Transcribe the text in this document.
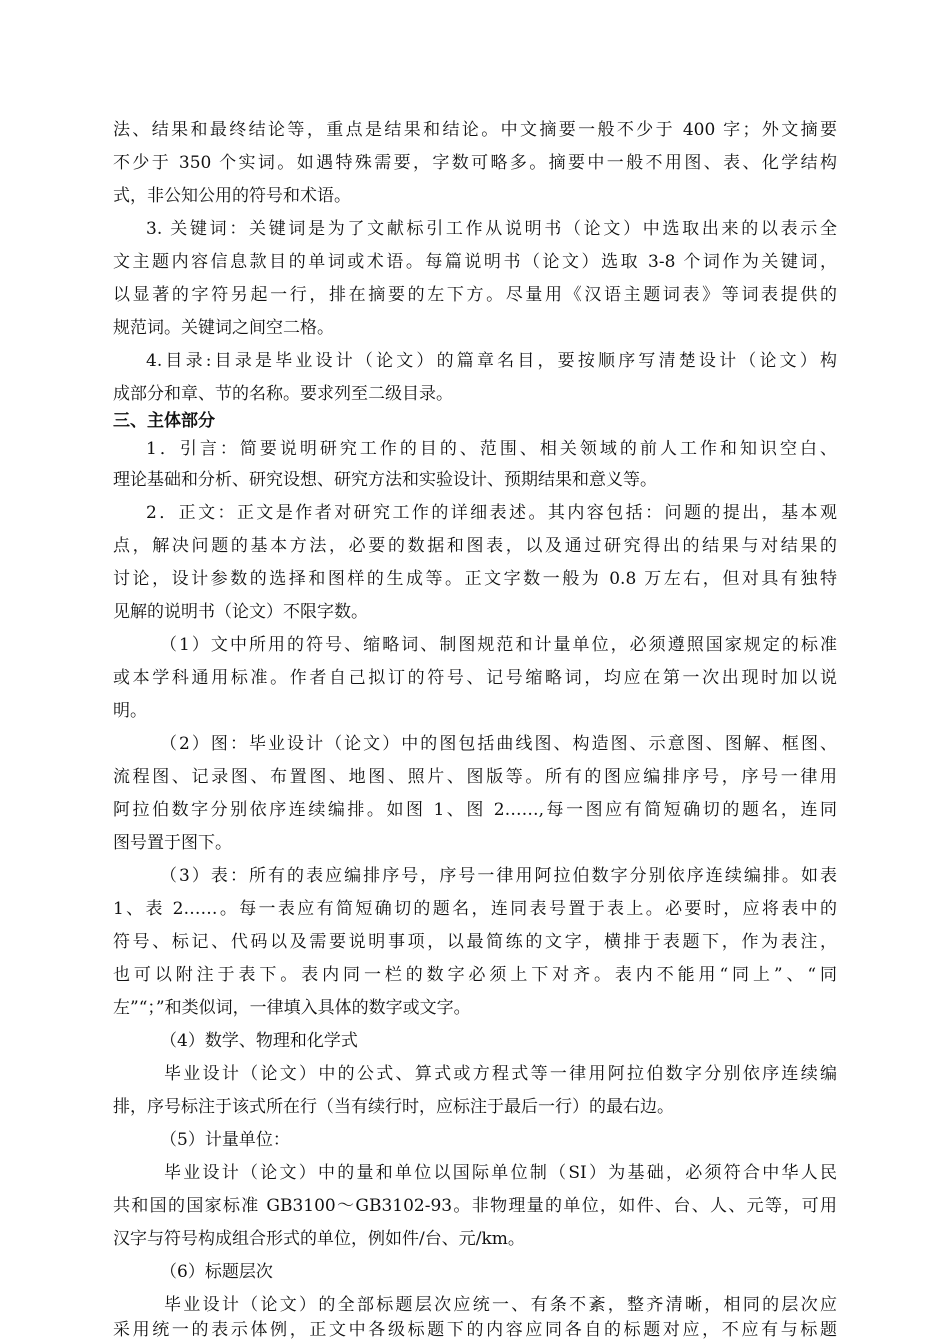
法、结果和最终结论等，重点是结果和结论。中文摘要一般不少于 400 字；外文摘要
不少于 350 个实词。如遇特殊需要，字数可略多。摘要中一般不用图、表、化学结构
式，非公知公用的符号和术语。
3. 关键词：关键词是为了文献标引工作从说明书（论文）中选取出来的以表示全
文主题内容信息款目的单词或术语。每篇说明书（论文）选取 3-8 个词作为关键词，
以显著的字符另起一行，排在摘要的左下方。尽量用《汉语主题词表》等词表提供的
规范词。关键词之间空二格。
4.目录:目录是毕业设计（论文）的篇章名目，要按顺序写清楚设计（论文）构
成部分和章、节的名称。要求列至二级目录。
三、主体部分
1．引言：简要说明研究工作的目的、范围、相关领域的前人工作和知识空白、
理论基础和分析、研究设想、研究方法和实验设计、预期结果和意义等。
2．正文：正文是作者对研究工作的详细表述。其内容包括：问题的提出，基本观
点，解决问题的基本方法，必要的数据和图表，以及通过研究得出的结果与对结果的
讨论，设计参数的选择和图样的生成等。正文字数一般为 0.8 万左右，但对具有独特
见解的说明书（论文）不限字数。
（1）文中所用的符号、缩略词、制图规范和计量单位，必须遵照国家规定的标准
或本学科通用标准。作者自己拟订的符号、记号缩略词，均应在第一次出现时加以说
明。
（2）图：毕业设计（论文）中的图包括曲线图、构造图、示意图、图解、框图、
流程图、记录图、布置图、地图、照片、图版等。所有的图应编排序号，序号一律用
阿拉伯数字分别依序连续编排。如图 1、图 2……,每一图应有简短确切的题名，连同
图号置于图下。
（3）表：所有的表应编排序号，序号一律用阿拉伯数字分别依序连续编排。如表
1、表 2……。每一表应有简短确切的题名，连同表号置于表上。必要时，应将表中的
符号、标记、代码以及需要说明事项，以最简练的文字，横排于表题下，作为表注，
也可以附注于表下。表内同一栏的数字必须上下对齐。表内不能用“同上”、“同
左”“；”和类似词，一律填入具体的数字或文字。
（4）数学、物理和化学式
毕业设计（论文）中的公式、算式或方程式等一律用阿拉伯数字分别依序连续编
排，序号标注于该式所在行（当有续行时，应标注于最后一行）的最右边。
（5）计量单位：
毕业设计（论文）中的量和单位以国际单位制（SI）为基础，必须符合中华人民
共和国的国家标准 GB3100～GB3102-93。非物理量的单位，如件、台、人、元等，可用
汉字与符号构成组合形式的单位，例如件/台、元/km。
（6）标题层次
毕业设计（论文）的全部标题层次应统一、有条不紊，整齐清晰，相同的层次应
采用统一的表示体例，正文中各级标题下的内容应同各自的标题对应，不应有与标题
